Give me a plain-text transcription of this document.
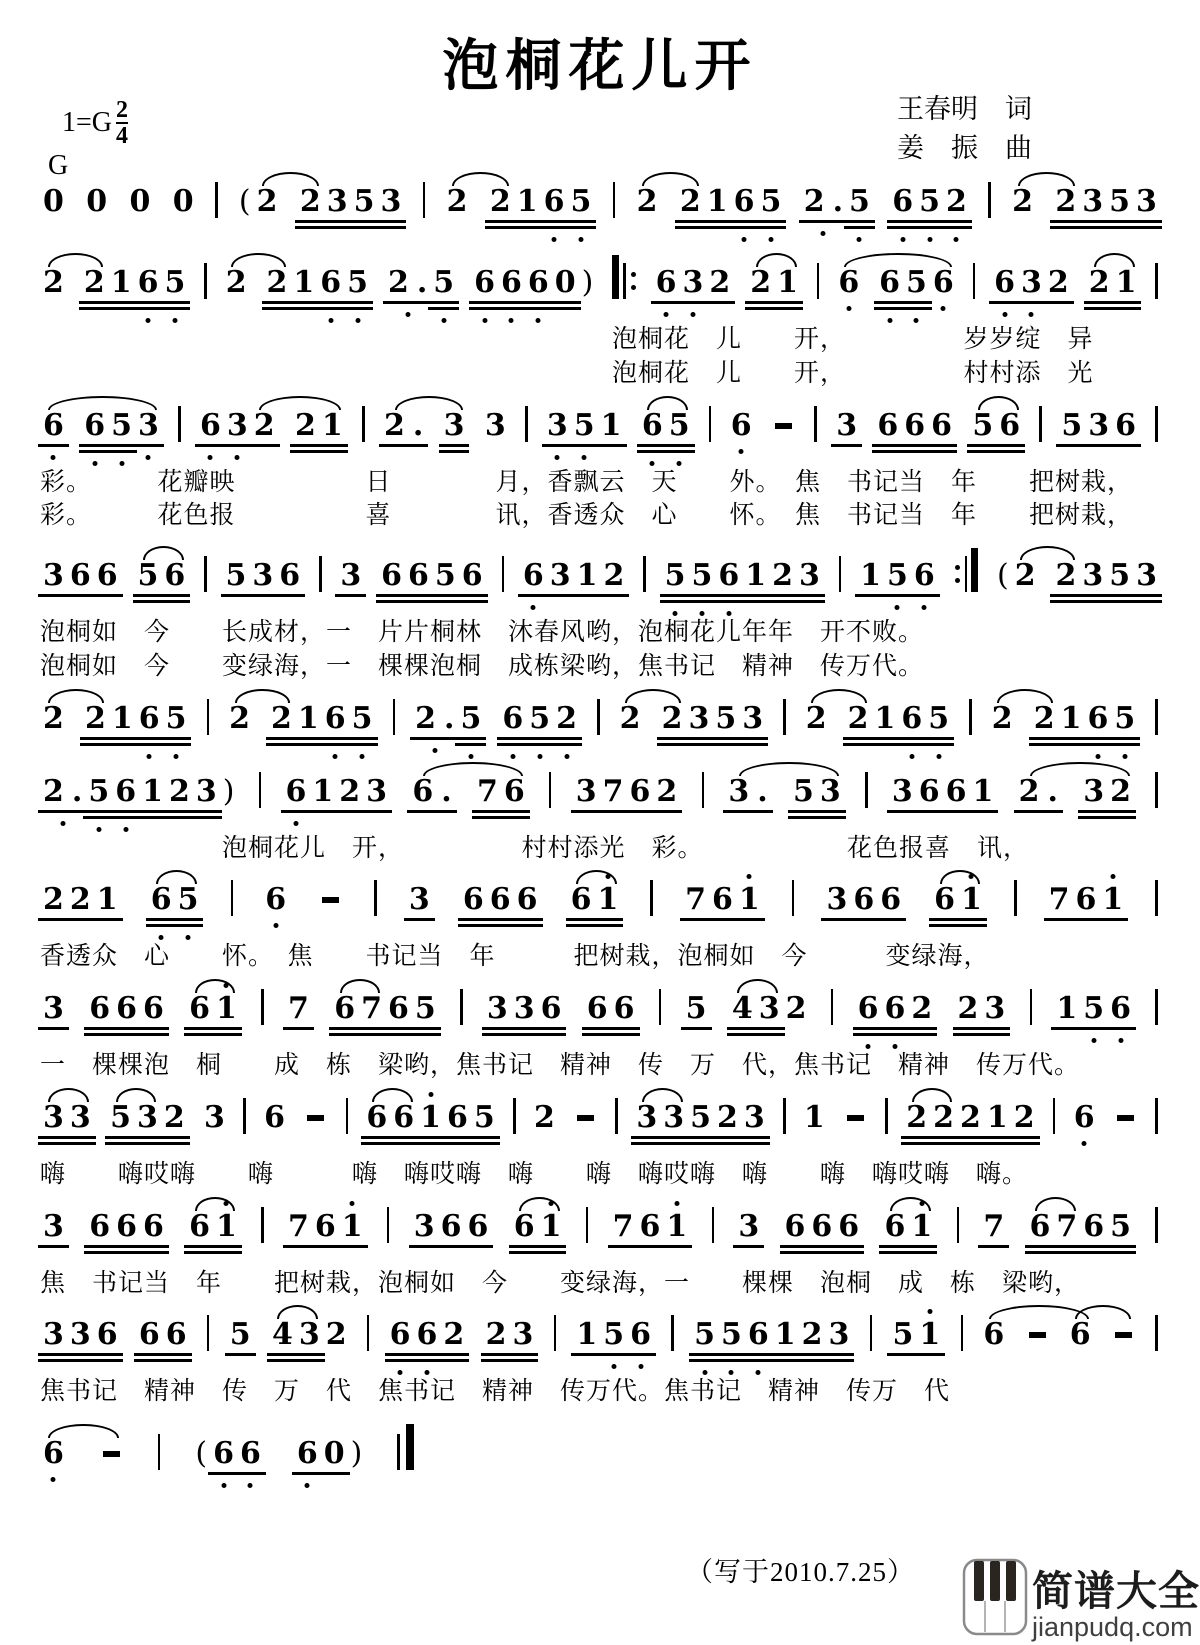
泡桐花儿开
$1=G \frac{2}{4}$
G
王春明　词
姜　振　曲
0 0 0 0 ( 2 2 3 5 3 2 2 1 6 5 2 2 1 6 5 2 . 5 6 5 2 2 2 3 5 3
2 2 1 6 5 2 2 1 6 5 2 . 5 6 6 6 0 ) 6 3 2 2 1 6 6 5 6 6 3 2 2 1
　　　　　　　　　　　　　　　　　　　　　　泡桐花　儿　　开，　　　　　岁岁绽　异
　　　　　　　　　　　　　　　　　　　　　　泡桐花　儿　　开，　　　　　村村添　光
6 6 5 3 6 3 2 2 1 2 . 3 3 3 5 1 6 5 6	3 6 6 6 5 6 5 3 6
彩。　　　花瓣映　　　　　日　　　　月，香飘云　天　　外。　焦　书记当　年　　把树栽，
彩。　　　花色报　　　　　喜　　　　讯，香透众　心　　怀。　焦　书记当　年　　把树栽，
3 6 6 5 6 5 3 6 3 6 6 5 6 6 3 1 2 5 5 6 1 2 3 1 5 6 ( 2 2 3 5 3
泡桐如　今　　长成材，一　片片桐林　沐春风哟，泡桐花儿年年　开不败。
泡桐如　今　　变绿海，一　棵棵泡桐　成栋梁哟，焦书记　精神　传万代。
2 2 1 6 5 2 2 1 6 5 2 . 5 6 5 2 2 2 3 5 3 2 2 1 6 5 2 2 1 6 5
2 . 5 6 1 2 3 ) 6 1 2 3 6 . 7 6 3 7 6 2 3 . 5 3 3 6 6 1 2 . 3 2
　　　　　　　泡桐花儿　开，　　　　　村村添光　彩。　　　　　　花色报喜　讯，
2 2 1 6 5 6	3 6 6 6 6 1 7 6 1 3 6 6 6 1 7 6 1
香透众　心　　怀。　焦　　书记当　年　　　把树栽，泡桐如　今　　　变绿海，
3 6 6 6 6 1 7 6 7 6 5 3 3 6 6 6 5 4 3 2 6 6 2 2 3 1 5 6
一　棵棵泡　桐　　成　栋　梁哟，焦书记　精神　传　万　代，焦书记　精神　传万代。
3 3 5 3 2 3 6	6 6 1 6 5 2	3 3 5 2 3 1	2 2 2 1 2 6
嗨　　嗨哎嗨　　嗨　　　嗨　嗨哎嗨　嗨　　嗨　嗨哎嗨　嗨　　嗨　嗨哎嗨　嗨。
3 6 6 6 6 1 7 6 1 3 6 6 6 1 7 6 1 3 6 6 6 6 1 7 6 7 6 5
焦　书记当　年　　把树栽，泡桐如　今　　变绿海，一　　棵棵　泡桐　成　栋　梁哟，
3 3 6 6 6 5 4 3 2 6 6 2 2 3 1 5 6 5 5 6 1 2 3 5 1 6 6
焦书记　精神　传　万　代　焦书记　精神　传万代。焦书记　精神　传万　代
6	( 6 6 6 0 )
（写于2010.7.25）	简谱大全
jianpudq.com
